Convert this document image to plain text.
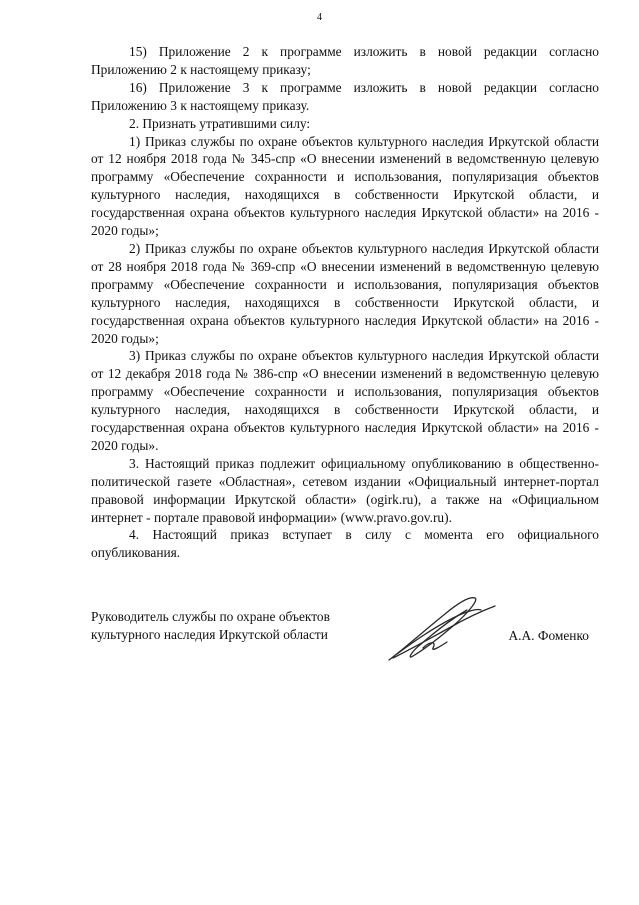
4

15) Приложение 2 к программе изложить в новой редакции согласно Приложению 2 к настоящему приказу;

16) Приложение 3 к программе изложить в новой редакции согласно Приложению 3 к настоящему приказу.

2. Признать утратившими силу:

1) Приказ службы по охране объектов культурного наследия Иркутской области от 12 ноября 2018 года № 345-спр «О внесении изменений в ведомственную целевую программу «Обеспечение сохранности и использования, популяризация объектов культурного наследия, находящихся в собственности Иркутской области, и государственная охрана объектов культурного наследия Иркутской области» на 2016 - 2020 годы»;

2) Приказ службы по охране объектов культурного наследия Иркутской области от 28 ноября 2018 года № 369-спр «О внесении изменений в ведомственную целевую программу «Обеспечение сохранности и использования, популяризация объектов культурного наследия, находящихся в собственности Иркутской области, и государственная охрана объектов культурного наследия Иркутской области» на 2016 - 2020 годы»;

3) Приказ службы по охране объектов культурного наследия Иркутской области от 12 декабря 2018 года № 386-спр «О внесении изменений в ведомственную целевую программу «Обеспечение сохранности и использования, популяризация объектов культурного наследия, находящихся в собственности Иркутской области, и государственная охрана объектов культурного наследия Иркутской области» на 2016 - 2020 годы».

3. Настоящий приказ подлежит официальному опубликованию в общественно-политической газете «Областная», сетевом издании «Официальный интернет-портал правовой информации Иркутской области» (ogirk.ru), а также на «Официальном интернет - портале правовой информации» (www.pravo.gov.ru).

4. Настоящий приказ вступает в силу с момента его официального опубликования.

Руководитель службы по охране объектов
культурного наследия Иркутской области	А.А. Фоменко
